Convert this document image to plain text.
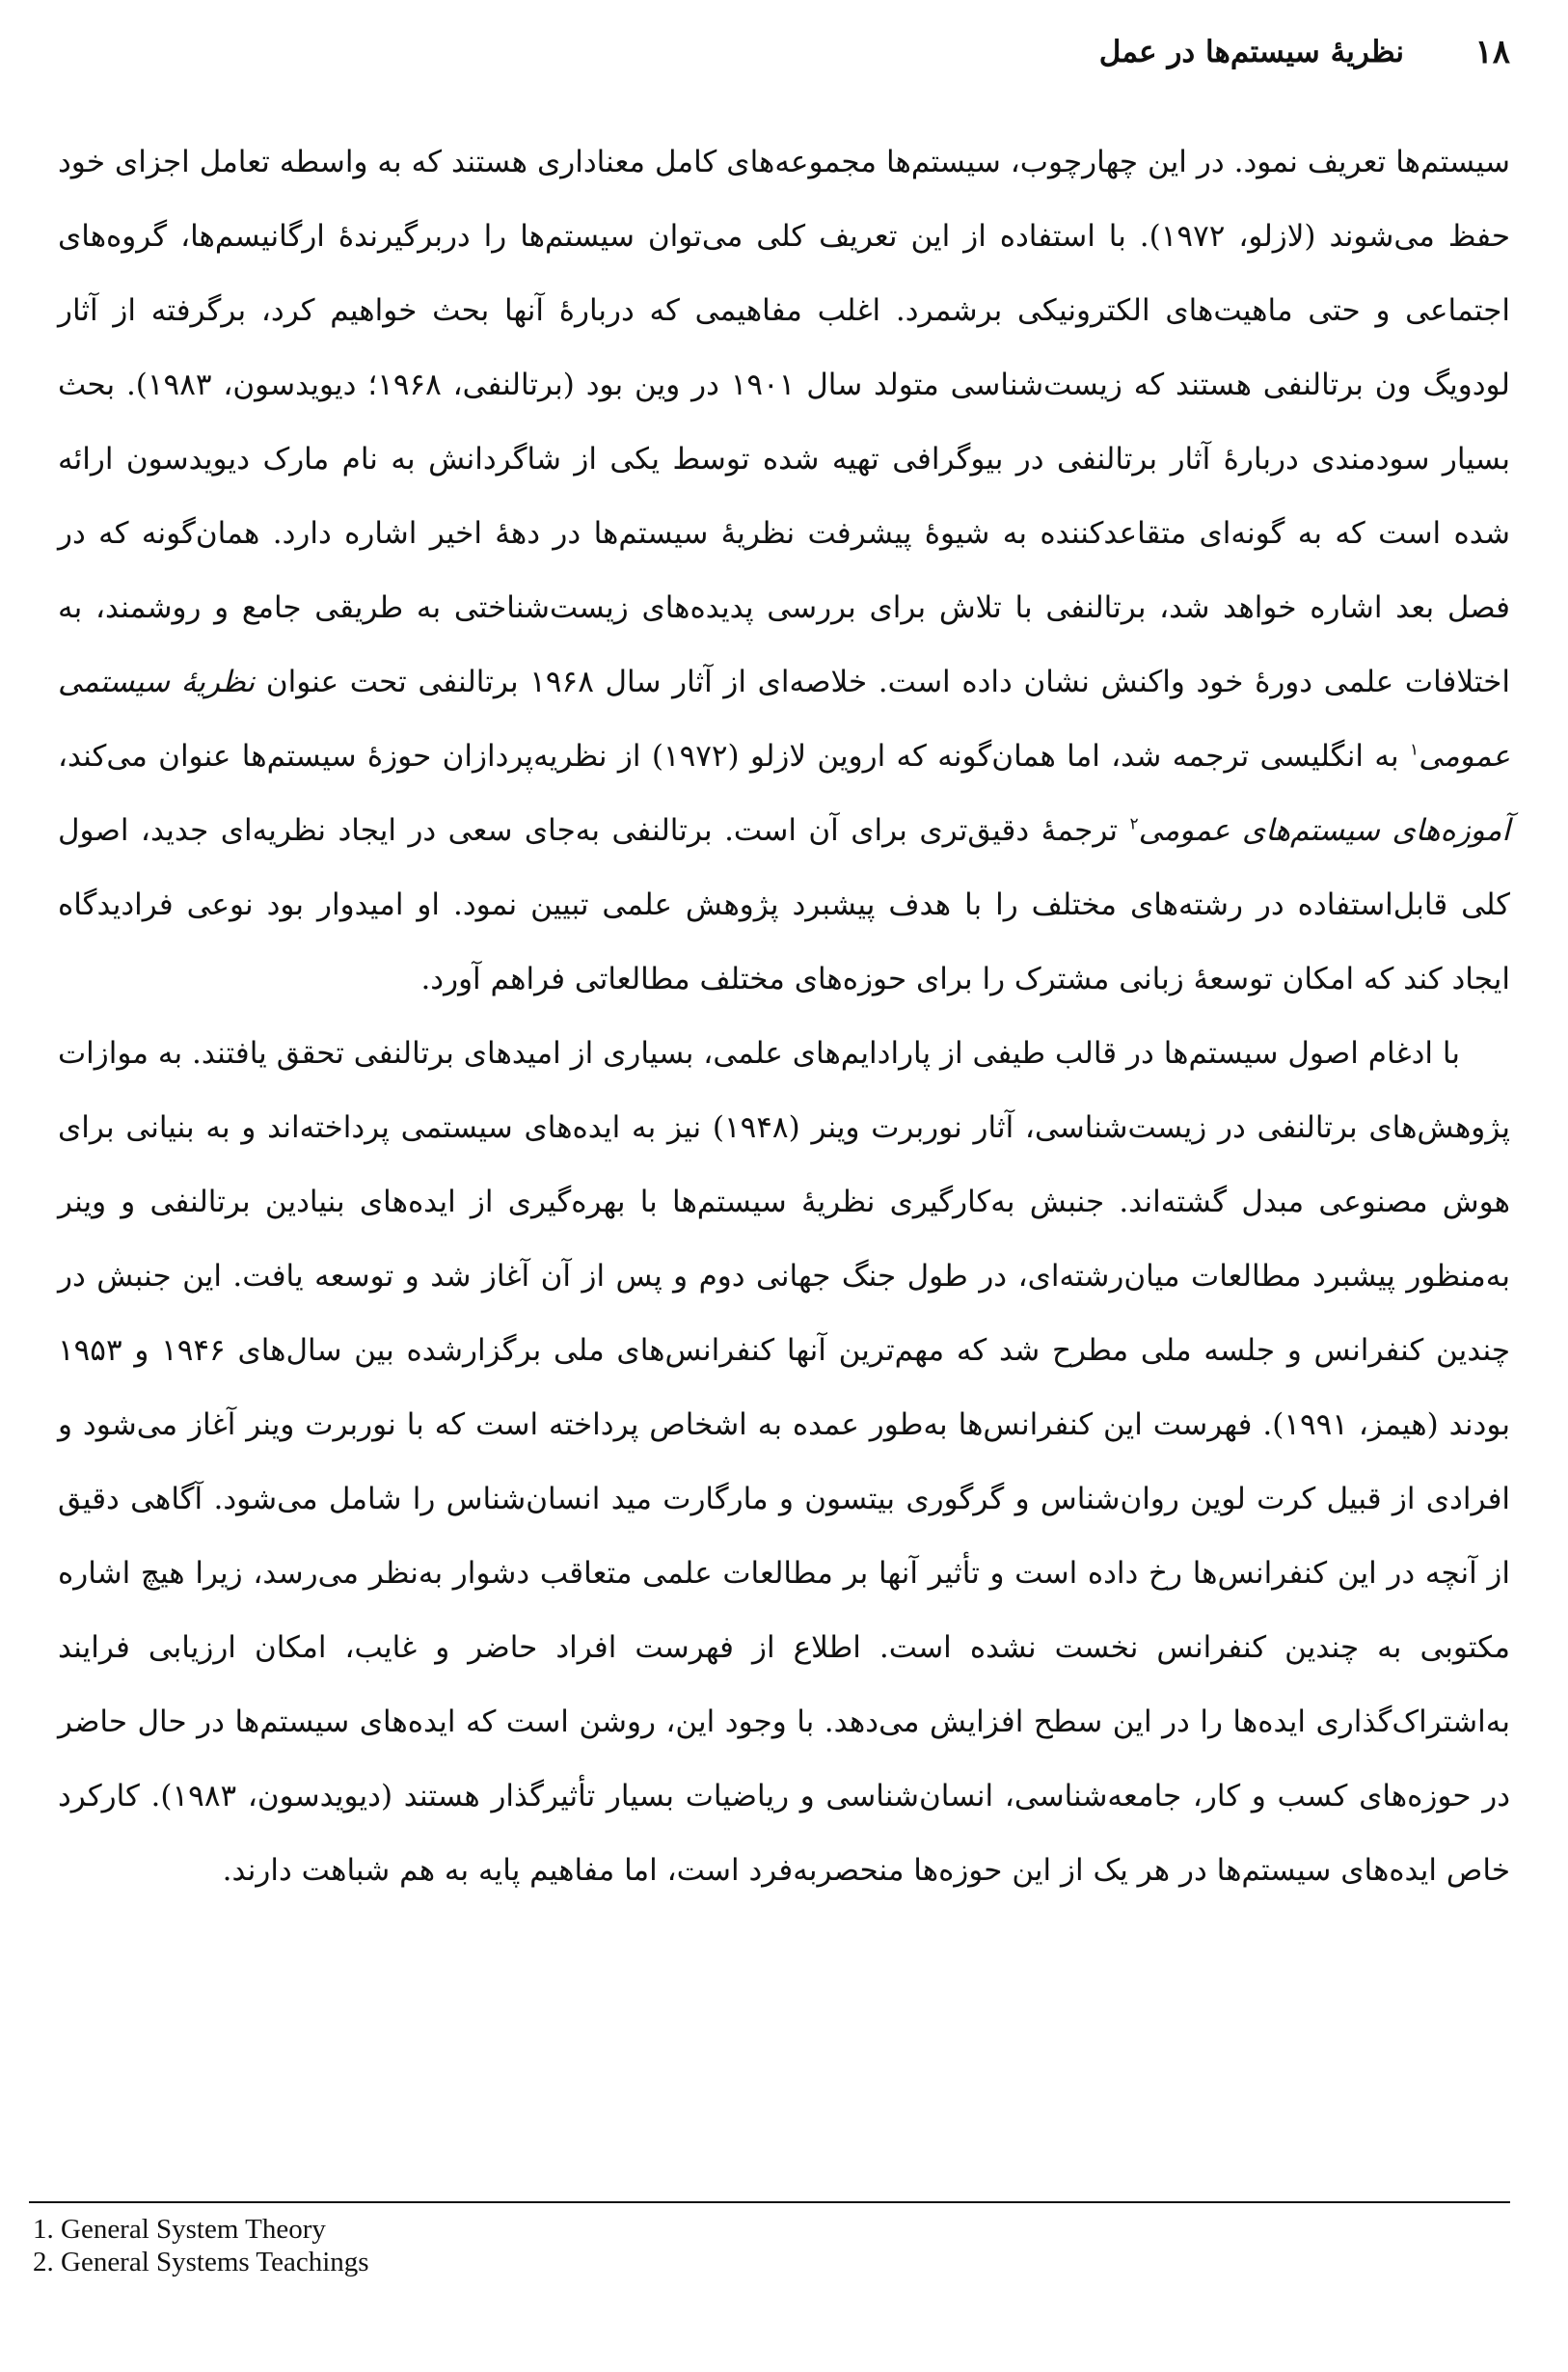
۱۸
نظریۀ سیستم‌ها در عمل

سیستم‌ها تعریف نمود. در این چهارچوب، سیستم‌ها مجموعه‌های کامل معناداری هستند که به واسطه تعامل اجزای خود حفظ می‌شوند (لازلو، ۱۹۷۲). با استفاده از این تعریف کلی می‌توان سیستم‌ها را دربرگیرندۀ ارگانیسم‌ها، گروه‌های اجتماعی و حتی ماهیت‌های الکترونیکی برشمرد. اغلب مفاهیمی که دربارۀ آنها بحث خواهیم کرد، برگرفته از آثار لودویگ ون برتالنفی هستند که زیست‌شناسی متولد سال ۱۹۰۱ در وین بود (برتالنفی، ۱۹۶۸؛ دیویدسون، ۱۹۸۳). بحث بسیار سودمندی دربارۀ آثار برتالنفی در بیوگرافی تهیه شده توسط یکی از شاگردانش به نام مارک دیویدسون ارائه شده است که به گونه‌ای متقاعدکننده به شیوۀ پیشرفت نظریۀ سیستم‌ها در دهۀ اخیر اشاره دارد. همان‌گونه که در فصل بعد اشاره خواهد شد، برتالنفی با تلاش برای بررسی پدیده‌های زیست‌شناختی به طریقی جامع و روشمند، به اختلافات علمی دورۀ خود واکنش نشان داده است. خلاصه‌ای از آثار سال ۱۹۶۸ برتالنفی تحت عنوان نظریۀ سیستمی عمومی$^۱$ به انگلیسی ترجمه شد، اما همان‌گونه که اروین لازلو (۱۹۷۲) از نظریه‌پردازان حوزۀ سیستم‌ها عنوان می‌کند، آموزه‌های سیستم‌های عمومی$^۲$ ترجمۀ دقیق‌تری برای آن است. برتالنفی به‌جای سعی در ایجاد نظریه‌ای جدید، اصول کلی قابل‌استفاده در رشته‌های مختلف را با هدف پیشبرد پژوهش علمی تبیین نمود. او امیدوار بود نوعی فرادیدگاه ایجاد کند که امکان توسعۀ زبانی مشترک را برای حوزه‌های مختلف مطالعاتی فراهم آورد.

با ادغام اصول سیستم‌ها در قالب طیفی از پارادایم‌های علمی، بسیاری از امیدهای برتالنفی تحقق یافتند. به موازات پژوهش‌های برتالنفی در زیست‌شناسی، آثار نوربرت وینر (۱۹۴۸) نیز به ایده‌های سیستمی پرداخته‌اند و به بنیانی برای هوش مصنوعی مبدل گشته‌اند. جنبش به‌کارگیری نظریۀ سیستم‌ها با بهره‌گیری از ایده‌های بنیادین برتالنفی و وینر به‌منظور پیشبرد مطالعات میان‌رشته‌ای، در طول جنگ جهانی دوم و پس از آن آغاز شد و توسعه یافت. این جنبش در چندین کنفرانس و جلسه ملی مطرح شد که مهم‌ترین آنها کنفرانس‌های ملی برگزارشده بین سال‌های ۱۹۴۶ و ۱۹۵۳ بودند (هیمز، ۱۹۹۱). فهرست این کنفرانس‌ها به‌طور عمده به اشخاص پرداخته است که با نوربرت وینر آغاز می‌شود و افرادی از قبیل کرت لوین روان‌شناس و گرگوری بیتسون و مارگارت مید انسان‌شناس را شامل می‌شود. آگاهی دقیق از آنچه در این کنفرانس‌ها رخ داده است و تأثیر آنها بر مطالعات علمی متعاقب دشوار به‌نظر می‌رسد، زیرا هیچ اشاره مکتوبی به چندین کنفرانس نخست نشده است. اطلاع از فهرست افراد حاضر و غایب، امکان ارزیابی فرایند به‌اشتراک‌گذاری ایده‌ها را در این سطح افزایش می‌دهد. با وجود این، روشن است که ایده‌های سیستم‌ها در حال حاضر در حوزه‌های کسب و کار، جامعه‌شناسی، انسان‌شناسی و ریاضیات بسیار تأثیرگذار هستند (دیویدسون، ۱۹۸۳). کارکرد خاص ایده‌های سیستم‌ها در هر یک از این حوزه‌ها منحصربه‌فرد است، اما مفاهیم پایه به هم شباهت دارند.

1. General System Theory
2. General Systems Teachings
